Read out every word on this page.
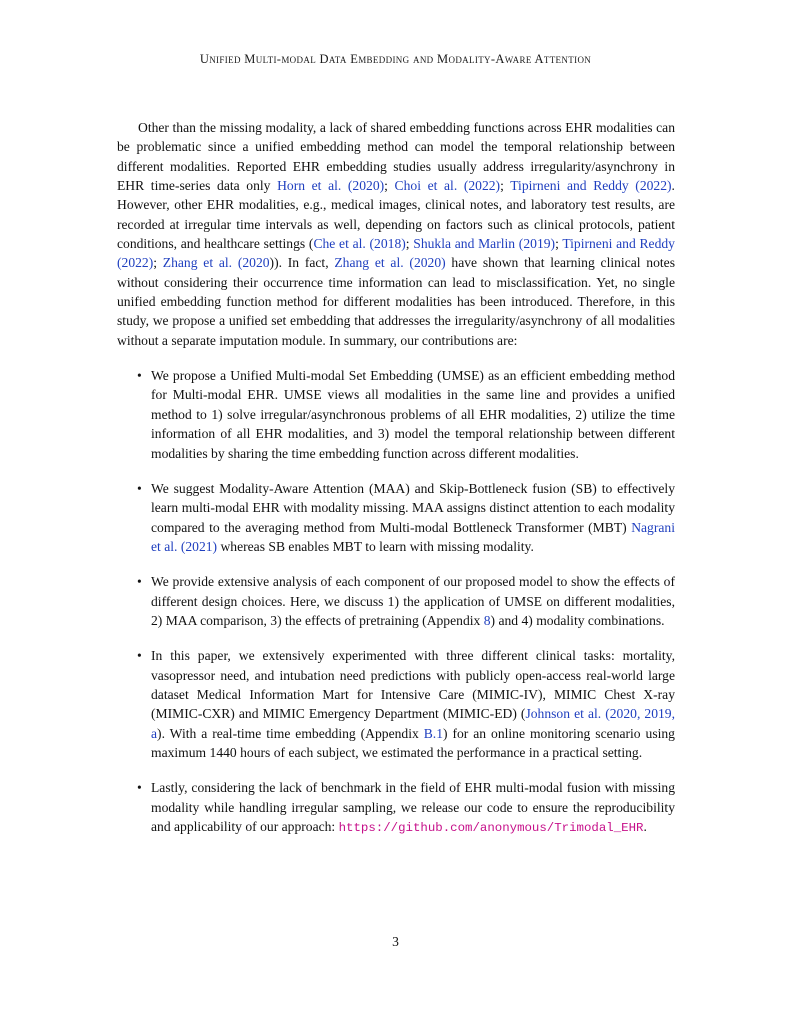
Unified Multi-modal Data Embedding and Modality-Aware Attention

Other than the missing modality, a lack of shared embedding functions across EHR modalities can be problematic since a unified embedding method can model the temporal relationship between different modalities. Reported EHR embedding studies usually address irregularity/asynchrony in EHR time-series data only Horn et al. (2020); Choi et al. (2022); Tipirneni and Reddy (2022). However, other EHR modalities, e.g., medical images, clinical notes, and laboratory test results, are recorded at irregular time intervals as well, depending on factors such as clinical protocols, patient conditions, and healthcare settings (Che et al. (2018); Shukla and Marlin (2019); Tipirneni and Reddy (2022); Zhang et al. (2020)). In fact, Zhang et al. (2020) have shown that learning clinical notes without considering their occurrence time information can lead to misclassification. Yet, no single unified embedding function method for different modalities has been introduced. Therefore, in this study, we propose a unified set embedding that addresses the irregularity/asynchrony of all modalities without a separate imputation module. In summary, our contributions are:

• We propose a Unified Multi-modal Set Embedding (UMSE) as an efficient embedding method for Multi-modal EHR. UMSE views all modalities in the same line and provides a unified method to 1) solve irregular/asynchronous problems of all EHR modalities, 2) utilize the time information of all EHR modalities, and 3) model the temporal relationship between different modalities by sharing the time embedding function across different modalities.
• We suggest Modality-Aware Attention (MAA) and Skip-Bottleneck fusion (SB) to effectively learn multi-modal EHR with modality missing. MAA assigns distinct attention to each modality compared to the averaging method from Multi-modal Bottleneck Transformer (MBT) Nagrani et al. (2021) whereas SB enables MBT to learn with missing modality.
• We provide extensive analysis of each component of our proposed model to show the effects of different design choices. Here, we discuss 1) the application of UMSE on different modalities, 2) MAA comparison, 3) the effects of pretraining (Appendix 8) and 4) modality combinations.
• In this paper, we extensively experimented with three different clinical tasks: mortality, vasopressor need, and intubation need predictions with publicly open-access real-world large dataset Medical Information Mart for Intensive Care (MIMIC-IV), MIMIC Chest X-ray (MIMIC-CXR) and MIMIC Emergency Department (MIMIC-ED) (Johnson et al. (2020, 2019, a). With a real-time time embedding (Appendix B.1) for an online monitoring scenario using maximum 1440 hours of each subject, we estimated the performance in a practical setting.
• Lastly, considering the lack of benchmark in the field of EHR multi-modal fusion with missing modality while handling irregular sampling, we release our code to ensure the reproducibility and applicability of our approach: https://github.com/anonymous/Trimodal_EHR.
3
